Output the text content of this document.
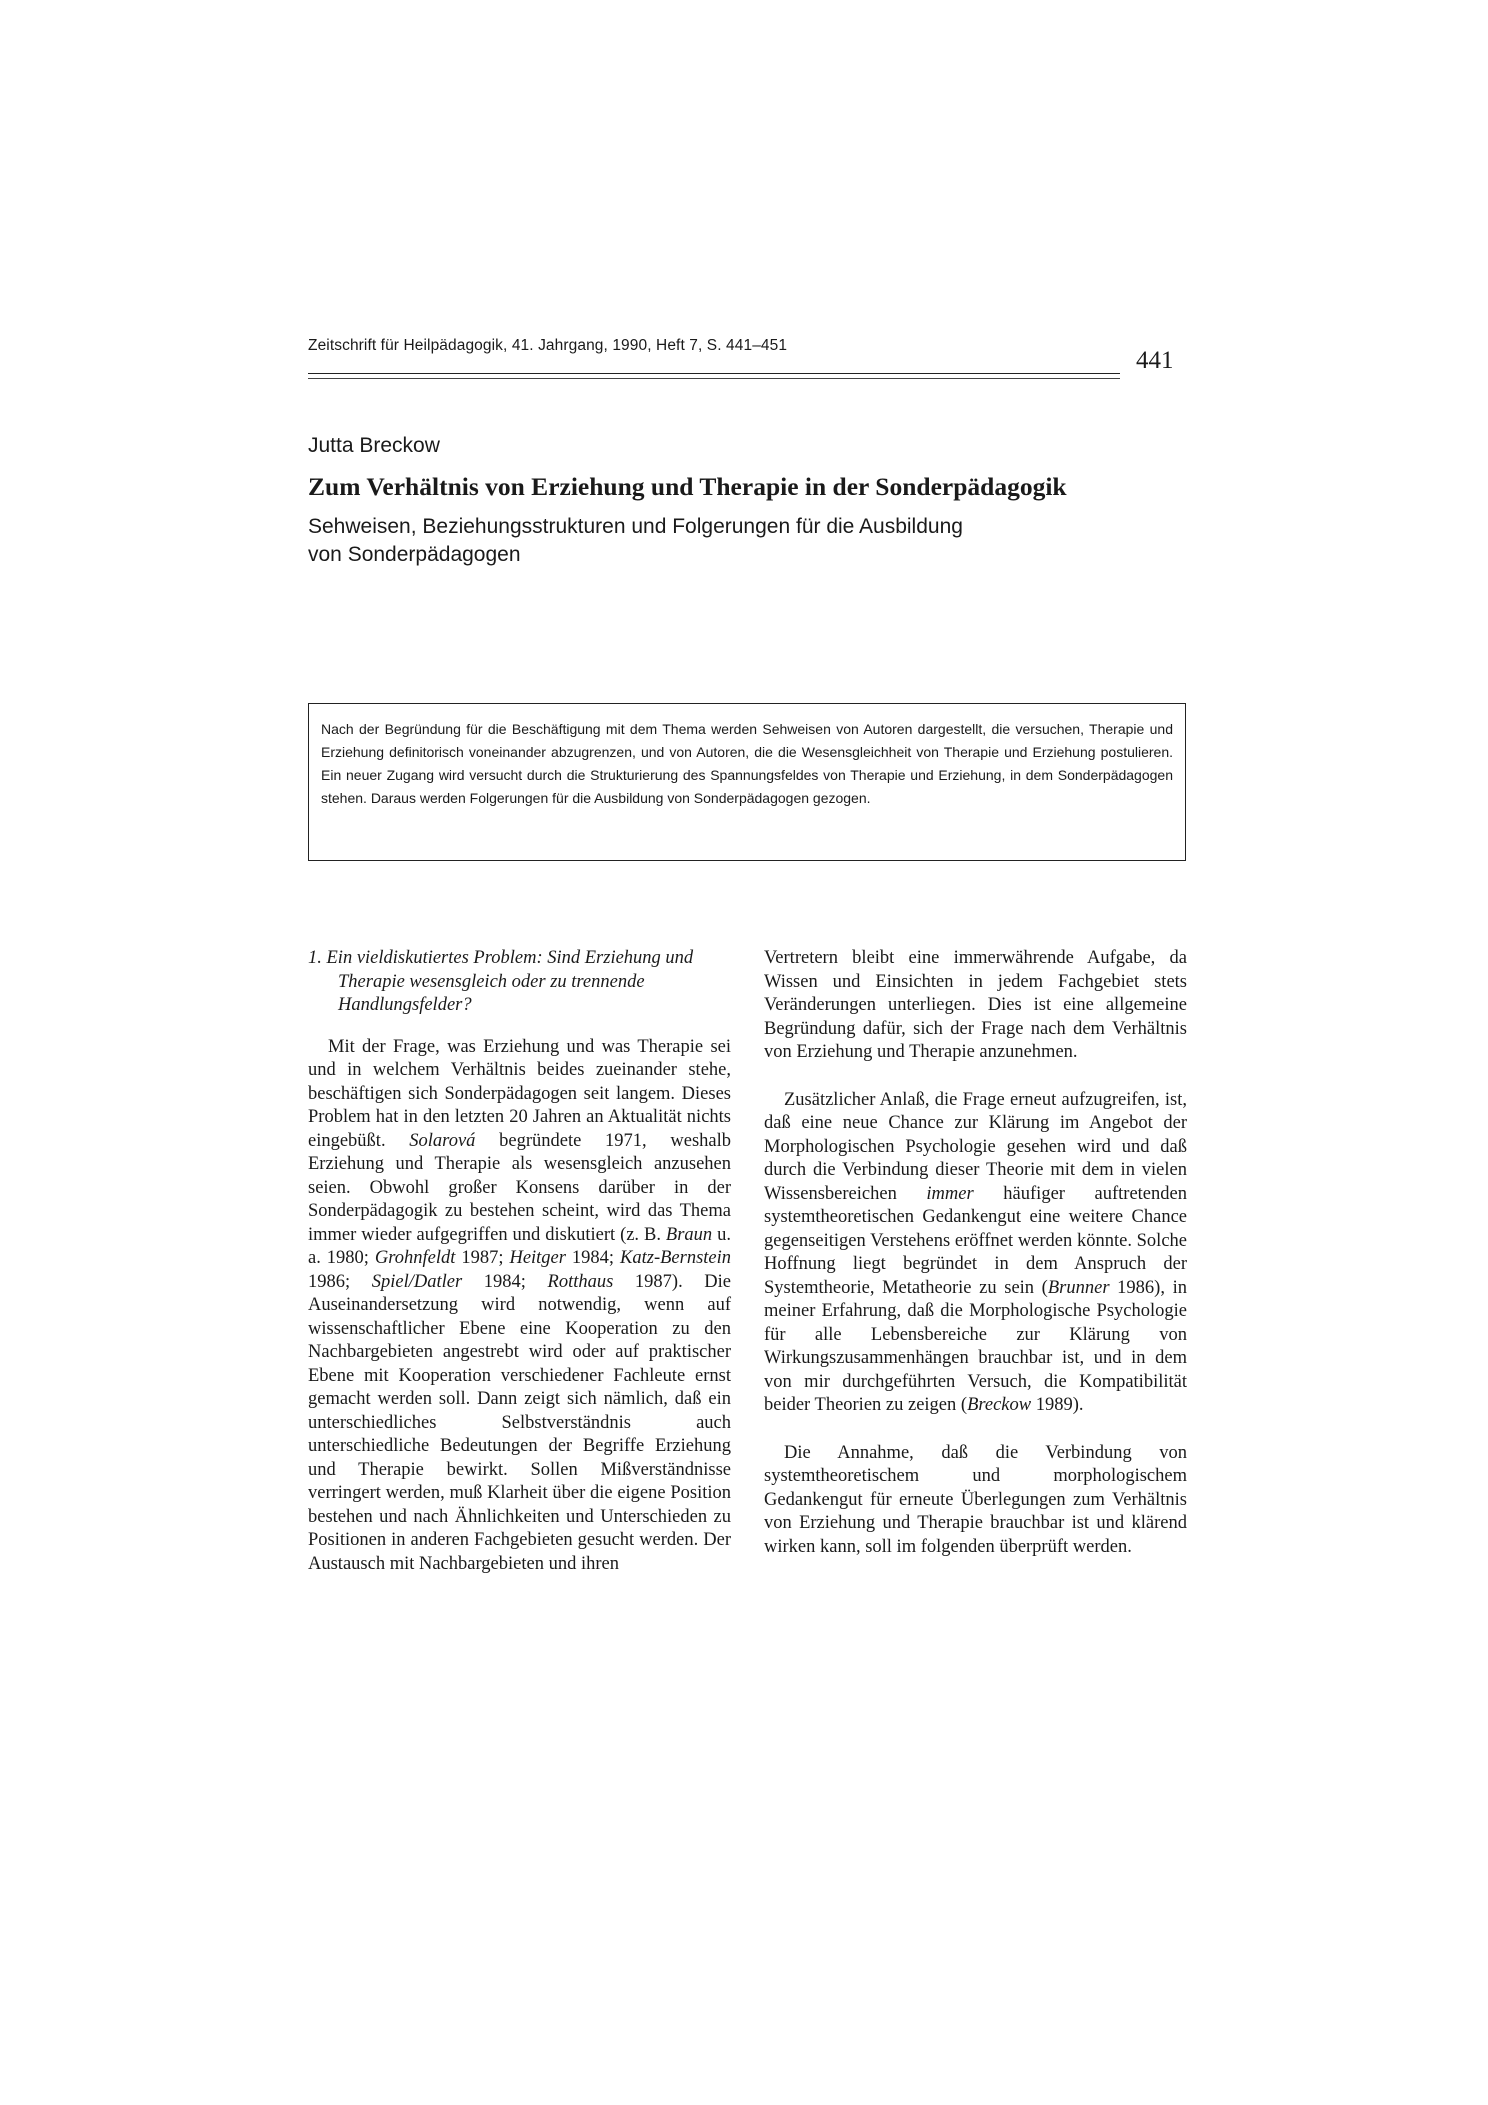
Zeitschrift für Heilpädagogik, 41. Jahrgang, 1990, Heft 7, S. 441–451
441
Jutta Breckow
Zum Verhältnis von Erziehung und Therapie in der Sonderpädagogik
Sehweisen, Beziehungsstrukturen und Folgerungen für die Ausbildung
von Sonderpädagogen
Nach der Begründung für die Beschäftigung mit dem Thema werden Sehweisen von Autoren dargestellt, die versuchen, Therapie und Erziehung definitorisch voneinander abzugrenzen, und von Autoren, die die Wesensgleichheit von Therapie und Erziehung postulieren. Ein neuer Zugang wird versucht durch die Strukturierung des Spannungsfeldes von Therapie und Erziehung, in dem Sonderpädagogen stehen. Daraus werden Folgerungen für die Ausbildung von Sonderpädagogen gezogen.
1. Ein vieldiskutiertes Problem: Sind Erziehung und Therapie wesensgleich oder zu trennende Handlungsfelder?

Mit der Frage, was Erziehung und was Therapie sei und in welchem Verhältnis beides zueinander stehe, beschäftigen sich Sonderpädagogen seit langem. Dieses Problem hat in den letzten 20 Jahren an Aktualität nichts eingebüßt. Solarová begründete 1971, weshalb Erziehung und Therapie als wesensgleich anzusehen seien. Obwohl großer Konsens darüber in der Sonderpädagogik zu bestehen scheint, wird das Thema immer wieder aufgegriffen und diskutiert (z. B. Braun u. a. 1980; Grohnfeldt 1987; Heitger 1984; Katz-Bernstein 1986; Spiel/Datler 1984; Rotthaus 1987). Die Auseinandersetzung wird notwendig, wenn auf wissenschaftlicher Ebene eine Kooperation zu den Nachbargebieten angestrebt wird oder auf praktischer Ebene mit Kooperation verschiedener Fachleute ernst gemacht werden soll. Dann zeigt sich nämlich, daß ein unterschiedliches Selbstverständnis auch unterschiedliche Bedeutungen der Begriffe Erziehung und Therapie bewirkt. Sollen Mißverständnisse verringert werden, muß Klarheit über die eigene Position bestehen und nach Ähnlichkeiten und Unterschieden zu Positionen in anderen Fachgebieten gesucht werden. Der Austausch mit Nachbargebieten und ihren

Vertretern bleibt eine immerwährende Aufgabe, da Wissen und Einsichten in jedem Fachgebiet stets Veränderungen unterliegen. Dies ist eine allgemeine Begründung dafür, sich der Frage nach dem Verhältnis von Erziehung und Therapie anzunehmen.

Zusätzlicher Anlaß, die Frage erneut aufzugreifen, ist, daß eine neue Chance zur Klärung im Angebot der Morphologischen Psychologie gesehen wird und daß durch die Verbindung dieser Theorie mit dem in vielen Wissensbereichen immer häufiger auftretenden systemtheoretischen Gedankengut eine weitere Chance gegenseitigen Verstehens eröffnet werden könnte. Solche Hoffnung liegt begründet in dem Anspruch der Systemtheorie, Metatheorie zu sein (Brunner 1986), in meiner Erfahrung, daß die Morphologische Psychologie für alle Lebensbereiche zur Klärung von Wirkungszusammenhängen brauchbar ist, und in dem von mir durchgeführten Versuch, die Kompatibilität beider Theorien zu zeigen (Breckow 1989).

Die Annahme, daß die Verbindung von systemtheoretischem und morphologischem Gedankengut für erneute Überlegungen zum Verhältnis von Erziehung und Therapie brauchbar ist und klärend wirken kann, soll im folgenden überprüft werden.
